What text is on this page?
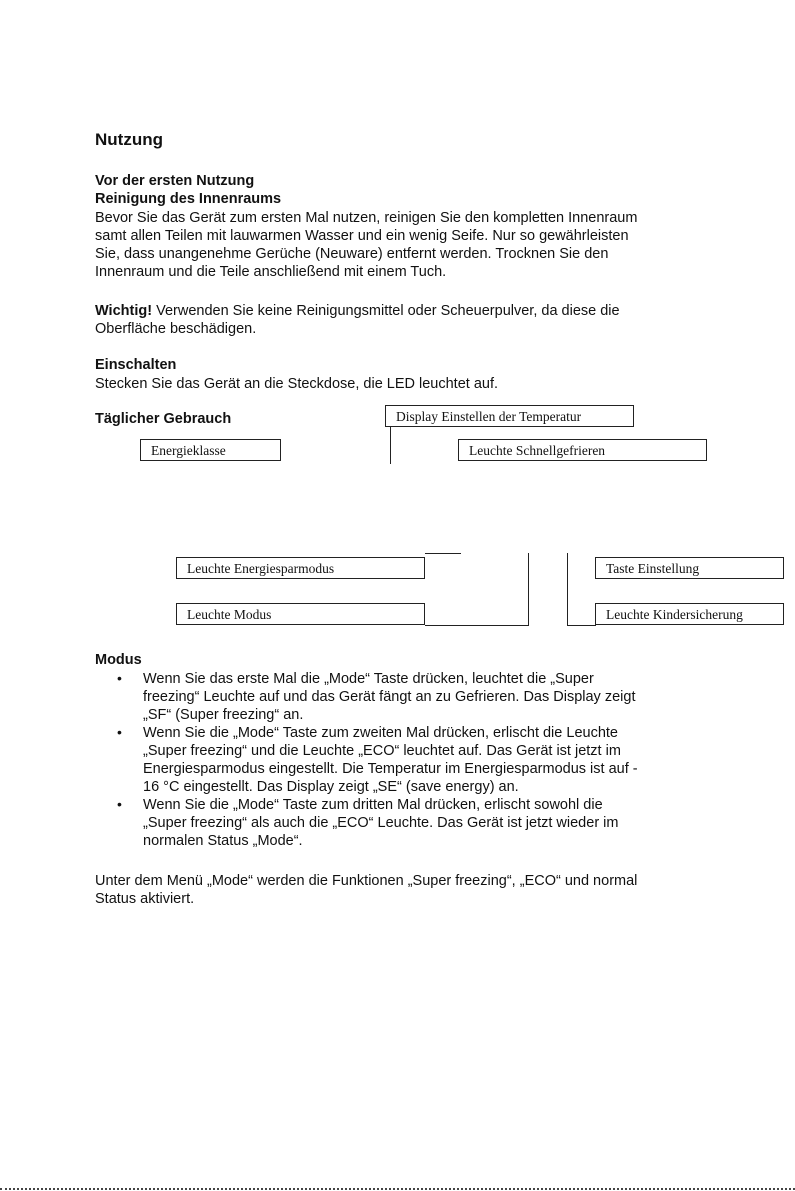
Nutzung
Vor der ersten Nutzung
Reinigung des Innenraums
Bevor Sie das Gerät zum ersten Mal nutzen, reinigen Sie den kompletten Innenraum
samt allen Teilen mit lauwarmen Wasser und ein wenig Seife. Nur so gewährleisten
Sie, dass unangenehme Gerüche (Neuware) entfernt werden. Trocknen Sie den
Innenraum und die Teile anschließend mit einem Tuch.
Wichtig! Verwenden Sie keine Reinigungsmittel oder Scheuerpulver, da diese die
Oberfläche beschädigen.
Einschalten
Stecken Sie das Gerät an die Steckdose, die LED leuchtet auf.
Täglicher Gebrauch	Display Einstellen der Temperatur
Energieklasse	Leuchte Schnellgefrieren
Leuchte Energiesparmodus
Leuchte Modus
Taste Einstellung
Leuchte Kindersicherung
Modus
• Wenn Sie das erste Mal die „Mode“ Taste drücken, leuchtet die „Super
freezing“ Leuchte auf und das Gerät fängt an zu Gefrieren. Das Display zeigt
„SF“ (Super freezing“ an.
• Wenn Sie die „Mode“ Taste zum zweiten Mal drücken, erlischt die Leuchte
„Super freezing“ und die Leuchte „ECO“ leuchtet auf. Das Gerät ist jetzt im
Energiesparmodus eingestellt. Die Temperatur im Energiesparmodus ist auf -
16 °C eingestellt. Das Display zeigt „SE“ (save energy) an.
• Wenn Sie die „Mode“ Taste zum dritten Mal drücken, erlischt sowohl die
„Super freezing“ als auch die „ECO“ Leuchte. Das Gerät ist jetzt wieder im
normalen Status „Mode“.
Unter dem Menü „Mode“ werden die Funktionen „Super freezing“, „ECO“ und normal
Status aktiviert.
